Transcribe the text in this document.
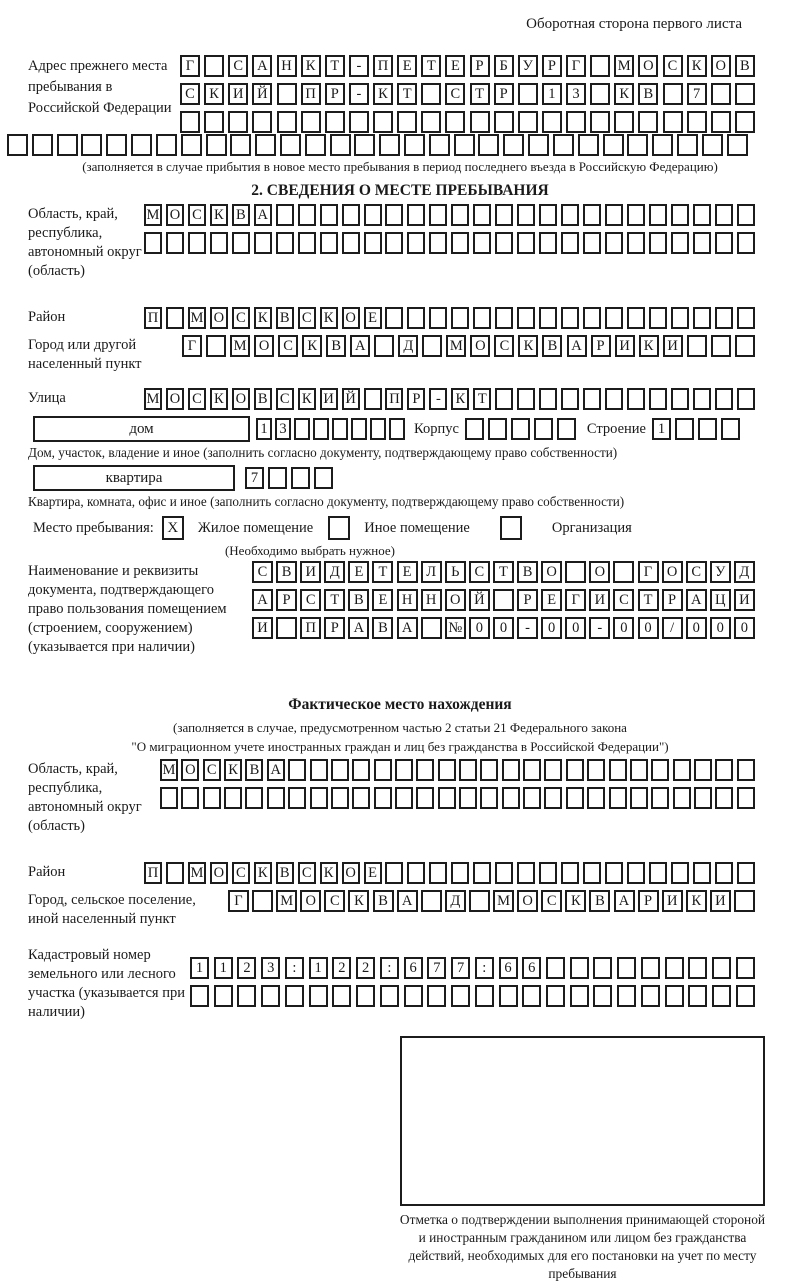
Оборотная сторона первого листа
Адрес прежнего места пребывания в Российской Федерации
Г	С А Н К	Т	-	П Е	Т	Е	Р	Б	У	Р	Г	М О С К О В
С К И Й	П	Р	-	К	Т	С	Т	Р	1	3	К В	7
(заполняется в случае прибытия в новое место пребывания в период последнего въезда в Российскую Федерацию)
2. СВЕДЕНИЯ О МЕСТЕ ПРЕБЫВАНИЯ
Область, край, республика, автономный округ (область)
М О С К В А
Район	П М О С К В С К О Е
Город или другой населенный пункт
Г	М О С К В А	Д	М О С К В А	Р	И К И
Улица	М О С К О В С К И Й П Р	-	К Т
дом	1 3	Корпус	Строение 1
Дом, участок, владение и иное (заполнить согласно документу, подтверждающему право собственности)
квартира	7
Квартира, комната, офис и иное (заполнить согласно документу, подтверждающему право собственности)
Место пребывания: X Жилое помещение	Иное помещение	Организация
(Необходимо выбрать нужное)
Наименование и реквизиты документа, подтверждающего право пользования помещением (строением, сооружением) (указывается при наличии)
С В И Д	Е	Т	Е	Л	Ь	С	Т	В О	О	Г	О С У Д
А	Р	С	Т	В	Е Н Н О Й	Р	Е	Г	И С	Т	Р	А Ц И
И	П	Р	А В А	№ 0	0	-	0	0	-	0	0	/	0	0	0
Фактическое место нахождения
(заполняется в случае, предусмотренном частью 2 статьи 21 Федерального закона
"О миграционном учете иностранных граждан и лиц без гражданства в Российской Федерации")
Область, край, республика, автономный округ (область)
М О С К В А
Район	П М О С К В С К О Е
Город, сельское поселение, иной населенный пункт
Г	М О С К В А	Д	М О С К В А	Р	И К И
Кадастровый номер земельного или лесного участка (указывается при наличии)
1	1	2	3	:	1	2	2	:	6	7	7	:	6	6
Отметка о подтверждении выполнения принимающей стороной и иностранным гражданином или лицом без гражданства действий, необходимых для его постановки на учет по месту пребывания
